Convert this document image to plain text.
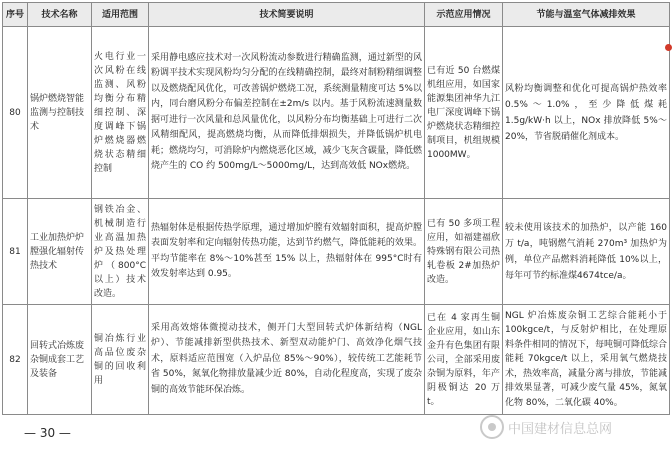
序号	技术名称	适用范围	技术简要说明	示范应用情况	节能与温室气体减排效果
80	锅炉燃烧智能监测与控制技术	火电行业一次风粉在线监测、风粉均衡分布精细控制、深度调峰下锅炉燃烧器燃烧状态精细控制	采用静电感应技术对一次风粉流动参数进行精确监测，通过新型的风粉调平技术实现风粉均匀分配的在线精确控制，最终对制粉精细调整以及燃烧配风优化，可改善锅炉燃烧工况，系统测量精度可达 5%以内，同台磨风粉分布偏差控制在±2m/s 以内。基于风粉流速测量数据可进行一次风量和总风量优化，以风粉分布均衡基础上可进行二次风精细配风，提高燃烧均衡，从而降低排烟损失，并降低锅炉机电耗；燃烧均匀，可消除炉内燃烧恶化区域，减少飞灰含碳量，降低燃烧产生的 CO 约 500mg/L～5000mg/L，达到高效低 NOx燃烧。	已有近 50 台燃煤机组应用，如国家能源集团神华九江电厂深度调峰下锅炉燃烧状态精细控制项目，机组规模1000MW。	风粉均衡调整和优化可提高锅炉热效率 0.5%～1.0%，至少降低煤耗1.5g/kW·h 以上，NOx 排放降低 5%～20%，节省脱硝催化剂成本。
81	工业加热炉炉膛强化辐射传热技术	钢铁冶金、机械制造行业高温加热炉及热处理炉（800°C以上）技术改造。	热辐射体是根据传热学原理，通过增加炉膛有效辐射面积，提高炉膛表面发射率和定向辐射传热功能，达到节约燃气，降低能耗的效果。平均节能率在 8%～10%甚至 15% 以上，热辐射体在 995°C时有效发射率达到 0.95。	已有 50 多项工程应用，如福建福欣特殊钢有限公司热轧卷板 2#加热炉改造。	较未使用该技术的加热炉，以产能 160 万 t/a，吨钢燃气消耗 270m³ 加热炉为例，单位产品燃料消耗降低 10%以上，每年可节约标准煤4674tce/a。
82	回转式冶炼废杂铜成套工艺及装备	铜冶炼行业高品位废杂铜的回收利用	采用高效熔体微搅动技术，侧开门大型回转式炉体新结构（NGL 炉）、节能减排新型供热技术、新型双动能炉门、高效净化烟气技术，原料适应范围宽（入炉品位 85%～90%），较传统工艺能耗节省 50%，氮氧化物排放量减少近 80%，自动化程度高，实现了废杂铜的高效节能环保冶炼。	已在 4 家再生铜企业应用，如山东金升有色集团有限公司，全部采用废杂铜为原料，年产阴极铜达 20 万 t。	NGL 炉冶炼废杂铜工艺综合能耗小于 100kgce/t，与反射炉相比，在处理原料条件相同的情况下，每吨铜可降低综合能耗 70kgce/t 以上，采用氧气燃烧技术，热效率高，减量分离与排放，节能减排效果显著，可减少废气量 45%，氮氧化物 80%，二氧化碳 40%。
— 30 —	中国建材信息总网
